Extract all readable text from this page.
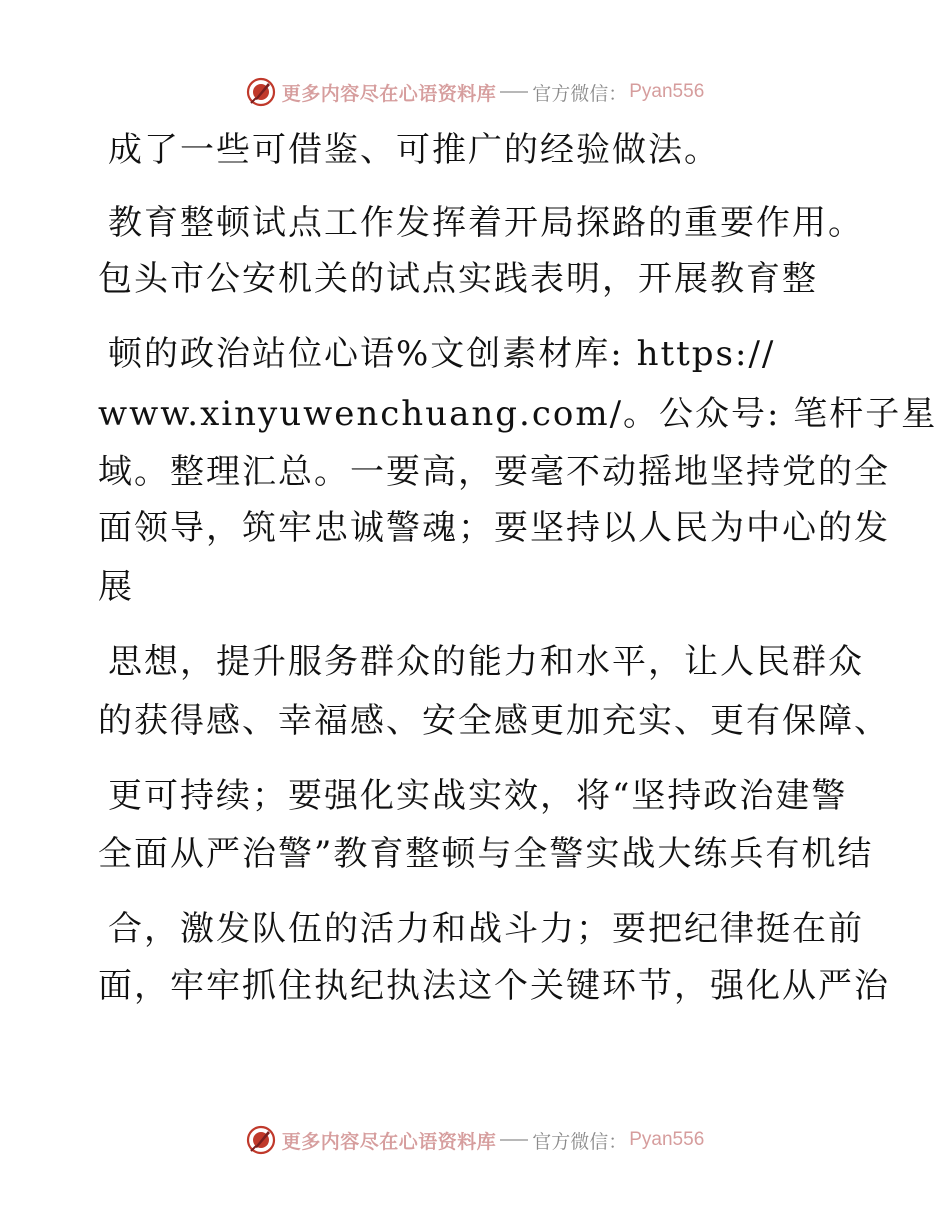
更多内容尽在心语资料库 官方微信： Pyan556
成了一些可借鉴、可推广的经验做法。
教育整顿试点工作发挥着开局探路的重要作用。
包头市公安机关的试点实践表明，开展教育整
顿的政治站位心语%文创素材库: https://
www.xinyuwenchuang.com/。公众号: 笔杆子星
域。整理汇总。一要高，要毫不动摇地坚持党的全
面领导，筑牢忠诚警魂；要坚持以人民为中心的发
展
思想，提升服务群众的能力和水平，让人民群众
的获得感、幸福感、安全感更加充实、更有保障、
更可持续；要强化实战实效，将“坚持政治建警
全面从严治警”教育整顿与全警实战大练兵有机结
合，激发队伍的活力和战斗力；要把纪律挺在前
面，牢牢抓住执纪执法这个关键环节，强化从严治
更多内容尽在心语资料库 官方微信： Pyan556
